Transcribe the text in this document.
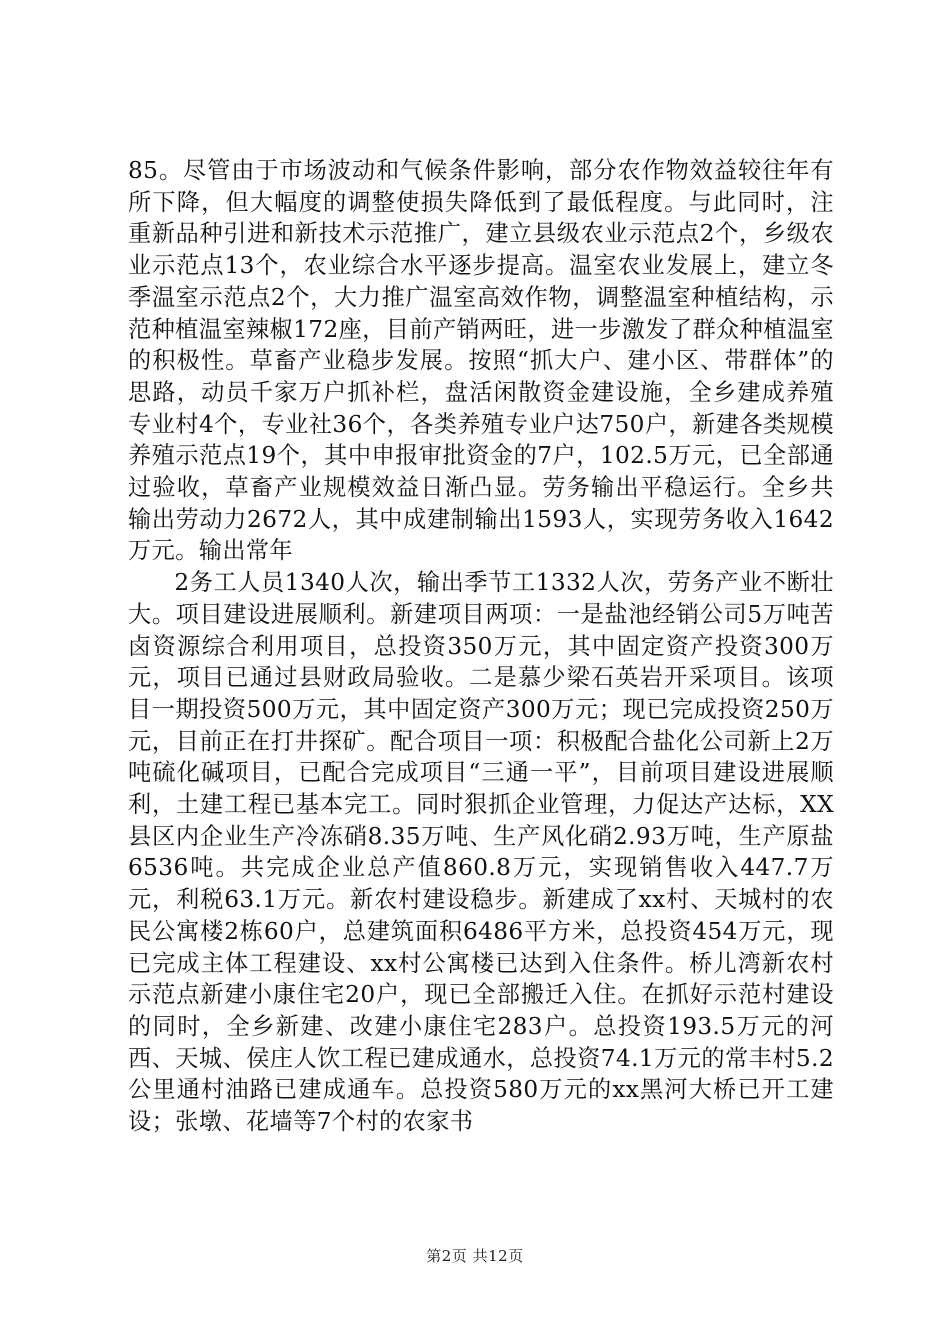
85。尽管由于市场波动和气候条件影响，部分农作物效益较往年有所下降，但大幅度的调整使损失降低到了最低程度。与此同时，注重新品种引进和新技术示范推广，建立县级农业示范点2个，乡级农业示范点13个，农业综合水平逐步提高。温室农业发展上，建立冬季温室示范点2个，大力推广温室高效作物，调整温室种植结构，示范种植温室辣椒172座，目前产销两旺，进一步激发了群众种植温室的积极性。草畜产业稳步发展。按照“抓大户、建小区、带群体”的思路，动员千家万户抓补栏，盘活闲散资金建设施，全乡建成养殖专业村4个，专业社36个，各类养殖专业户达750户，新建各类规模养殖示范点19个，其中申报审批资金的7户，102.5万元，已全部通过验收，草畜产业规模效益日渐凸显。劳务输出平稳运行。全乡共输出劳动力2672人，其中成建制输出1593人，实现劳务收入1642万元。输出常年

2务工人员1340人次，输出季节工1332人次，劳务产业不断壮大。项目建设进展顺利。新建项目两项：一是盐池经销公司5万吨苦卤资源综合利用项目，总投资350万元，其中固定资产投资300万元，项目已通过县财政局验收。二是慕少梁石英岩开采项目。该项目一期投资500万元，其中固定资产300万元；现已完成投资250万元，目前正在打井探矿。配合项目一项：积极配合盐化公司新上2万吨硫化碱项目，已配合完成项目“三通一平”，目前项目建设进展顺利，土建工程已基本完工。同时狠抓企业管理，力促达产达标，XX县区内企业生产冷冻硝8.35万吨、生产风化硝2.93万吨，生产原盐6536吨。共完成企业总产值860.8万元，实现销售收入447.7万元，利税63.1万元。新农村建设稳步。新建成了xx村、天城村的农民公寓楼2栋60户，总建筑面积6486平方米，总投资454万元，现已完成主体工程建设、xx村公寓楼已达到入住条件。桥儿湾新农村示范点新建小康住宅20户，现已全部搬迁入住。在抓好示范村建设的同时，全乡新建、改建小康住宅283户。总投资193.5万元的河西、天城、侯庄人饮工程已建成通水，总投资74.1万元的常丰村5.2公里通村油路已建成通车。总投资580万元的xx黑河大桥已开工建设；张墩、花墙等7个村的农家书

第2页 共12页
